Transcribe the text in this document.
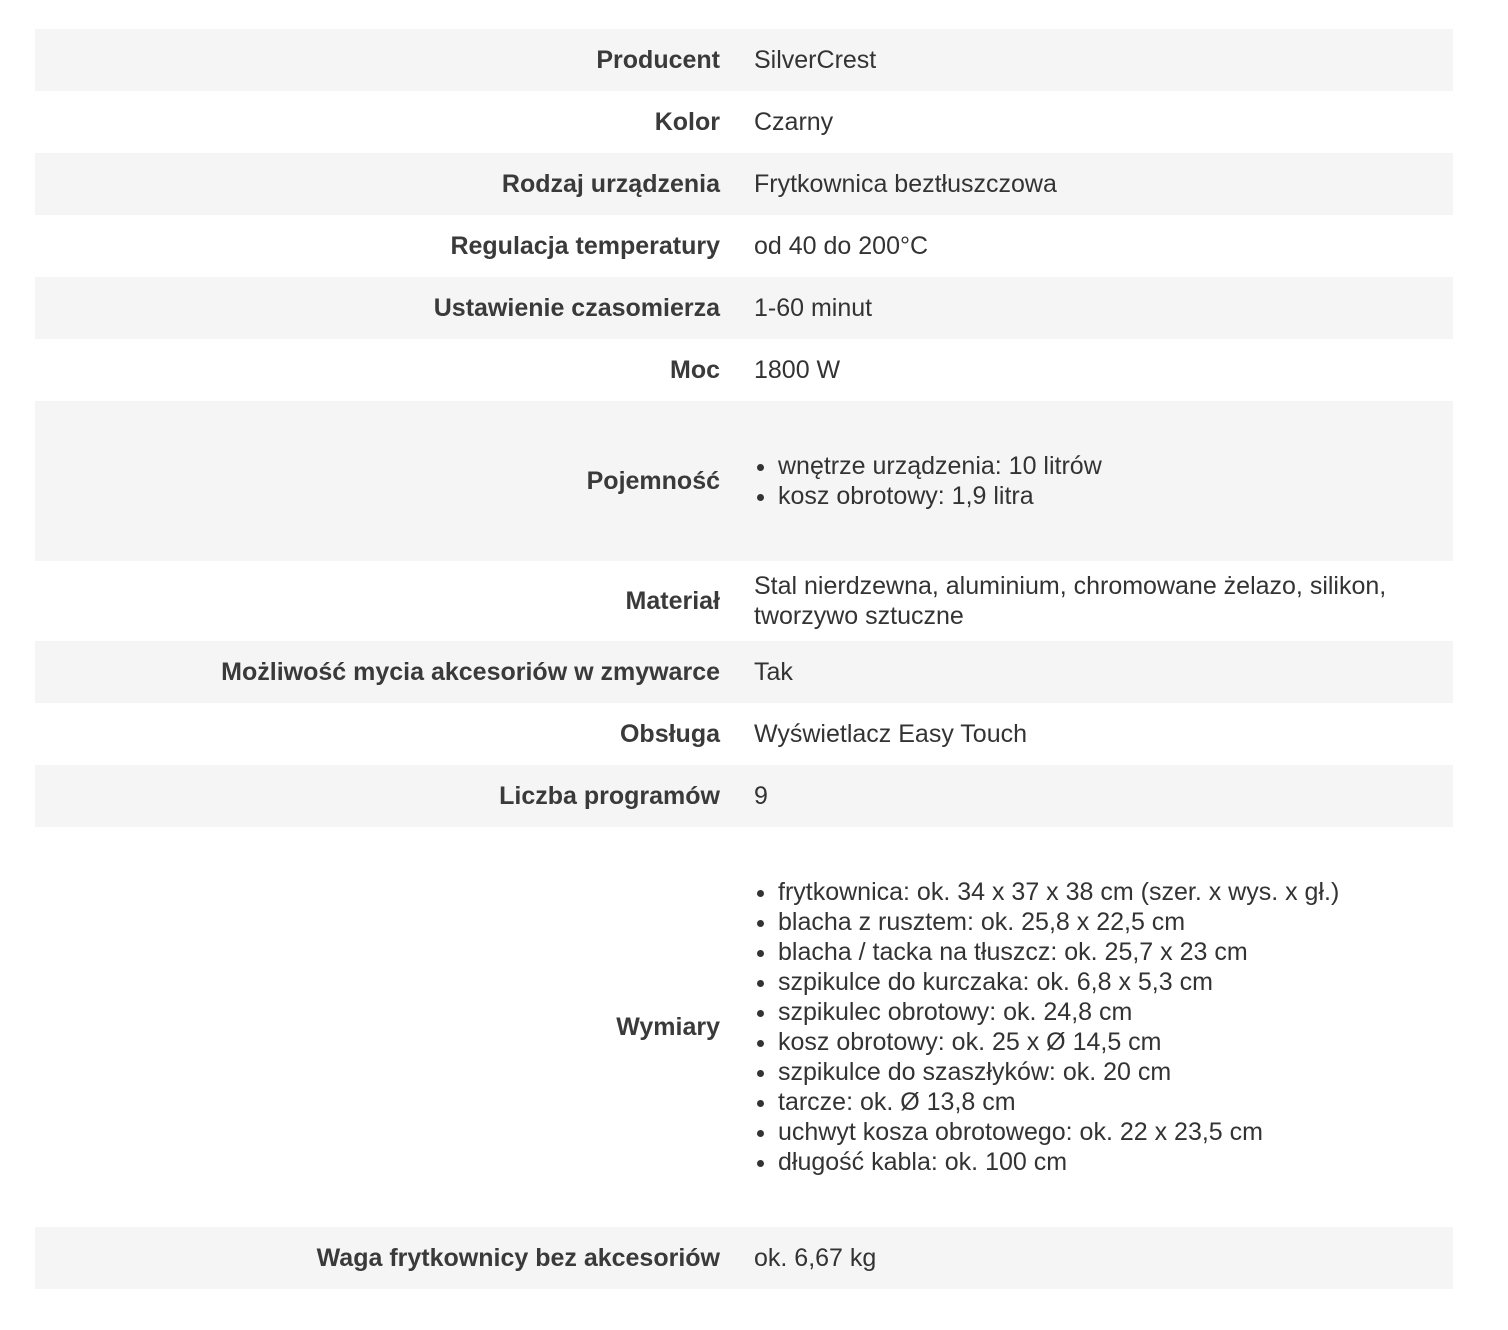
Producent SilverCrest
Kolor Czarny
Rodzaj urządzenia Frytkownica beztłuszczowa
Regulacja temperatury od 40 do 200°C
Ustawienie czasomierza 1-60 minut
Moc 1800 W
Pojemność
• wnętrze urządzenia: 10 litrów
• kosz obrotowy: 1,9 litra
Materiał
Stal nierdzewna, aluminium, chromowane żelazo, silikon, tworzywo sztuczne
Możliwość mycia akcesoriów w zmywarce Tak
Obsługa Wyświetlacz Easy Touch
Liczba programów 9
Wymiary
• frytkownica: ok. 34 x 37 x 38 cm (szer. x wys. x gł.)
• blacha z rusztem: ok. 25,8 x 22,5 cm
• blacha / tacka na tłuszcz: ok. 25,7 x 23 cm
• szpikulce do kurczaka: ok. 6,8 x 5,3 cm
• szpikulec obrotowy: ok. 24,8 cm
• kosz obrotowy: ok. 25 x Ø 14,5 cm
• szpikulce do szaszłyków: ok. 20 cm
• tarcze: ok. Ø 13,8 cm
• uchwyt kosza obrotowego: ok. 22 x 23,5 cm
• długość kabla: ok. 100 cm
Waga frytkownicy bez akcesoriów ok. 6,67 kg
